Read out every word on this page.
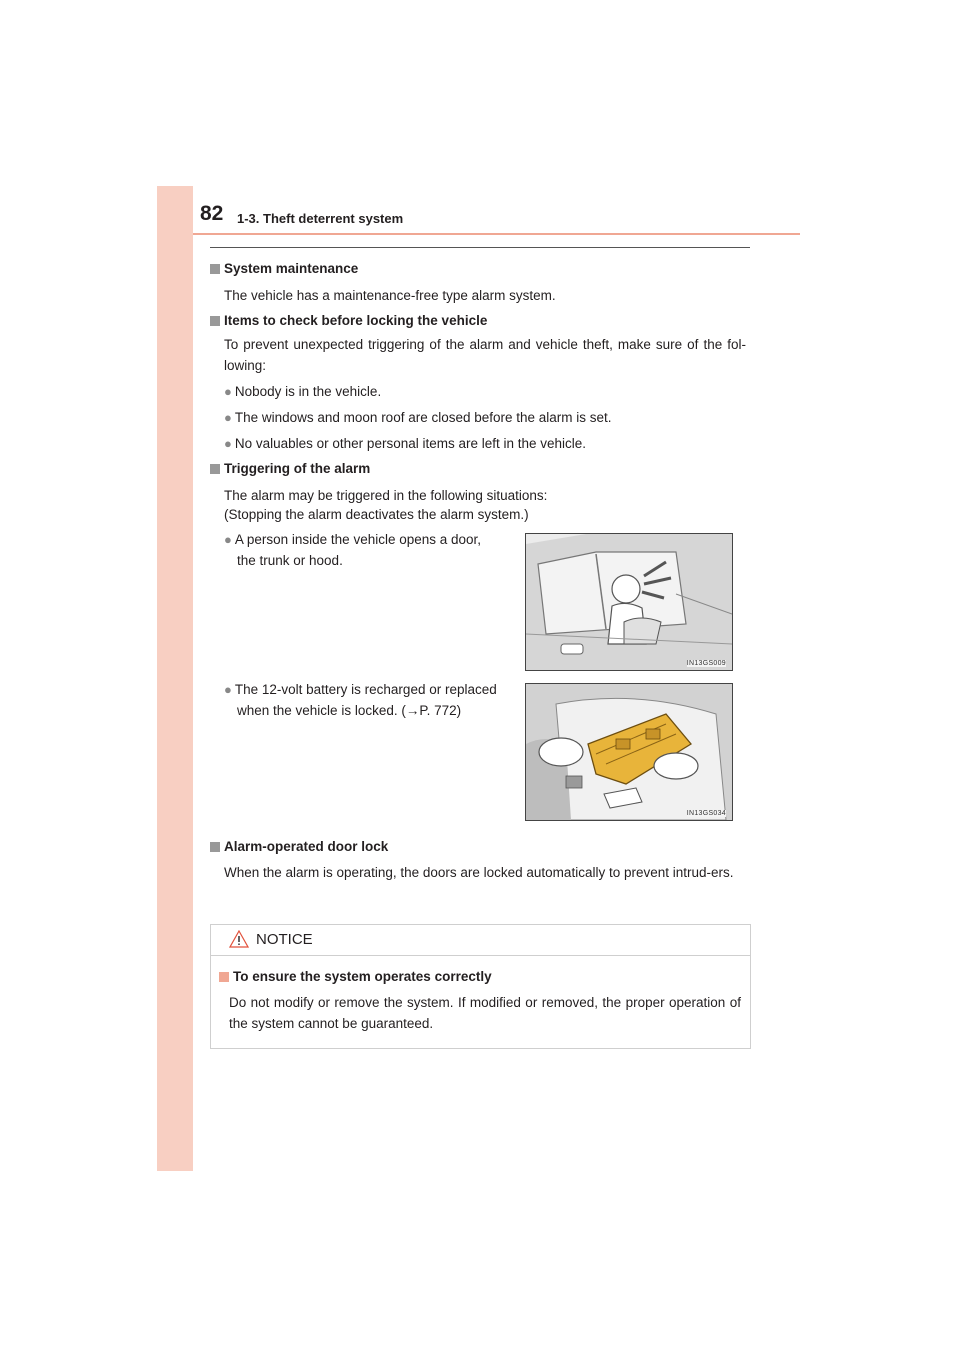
82 1-3. Theft deterrent system
System maintenance
The vehicle has a maintenance-free type alarm system.
Items to check before locking the vehicle
To prevent unexpected triggering of the alarm and vehicle theft, make sure of the fol-lowing:
● Nobody is in the vehicle.
● The windows and moon roof are closed before the alarm is set.
● No valuables or other personal items are left in the vehicle.
Triggering of the alarm
The alarm may be triggered in the following situations:
(Stopping the alarm deactivates the alarm system.)
● A person inside the vehicle opens a door,
the trunk or hood.
IN13GS009
● The 12-volt battery is recharged or replaced
when the vehicle is locked. (→P. 772)
IN13GS034
Alarm-operated door lock
When the alarm is operating, the doors are locked automatically to prevent intrud-ers.
NOTICE
To ensure the system operates correctly
Do not modify or remove the system. If modified or removed, the proper operation of the system cannot be guaranteed.
